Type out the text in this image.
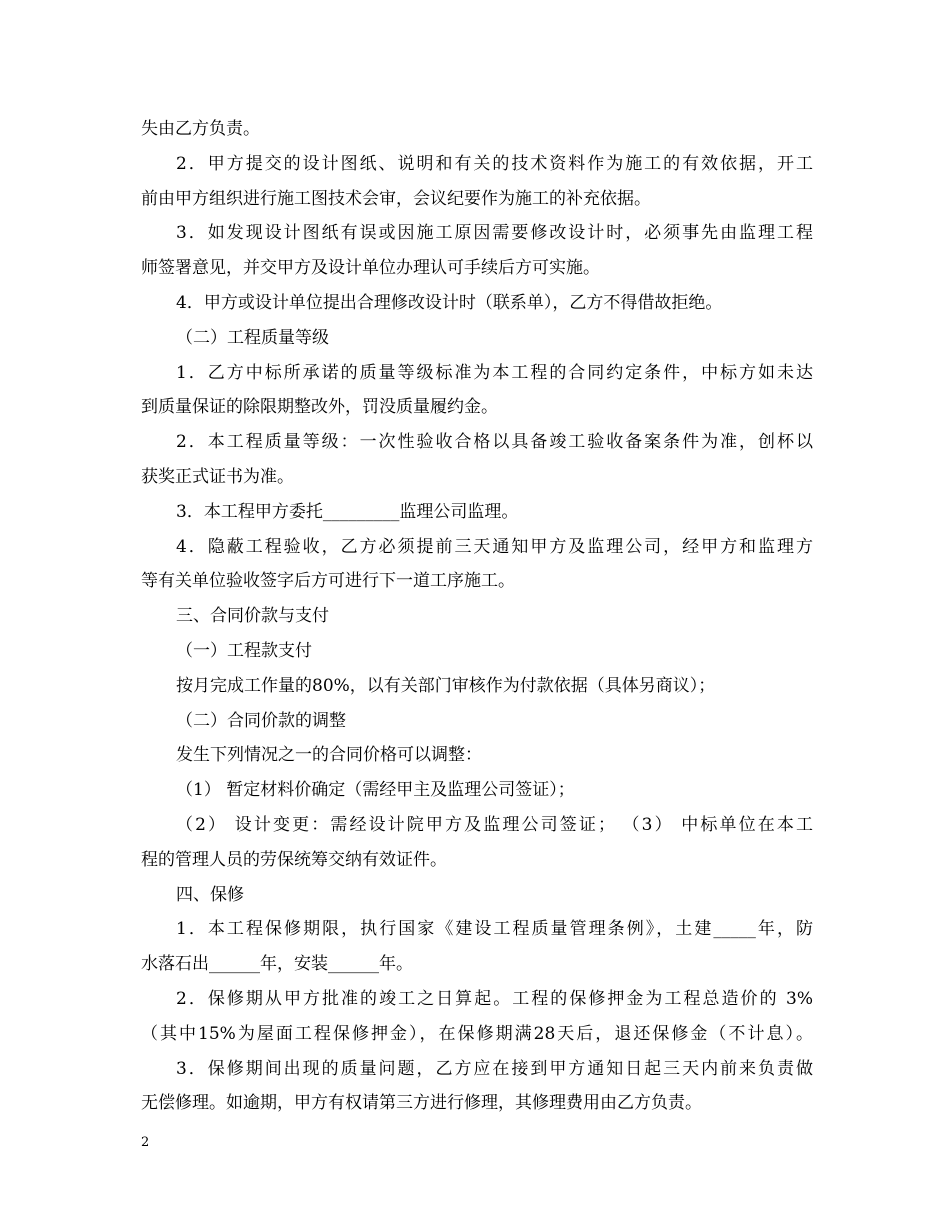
失由乙方负责。
2．甲方提交的设计图纸、说明和有关的技术资料作为施工的有效依据，开工
前由甲方组织进行施工图技术会审，会议纪要作为施工的补充依据。
3．如发现设计图纸有误或因施工原因需要修改设计时，必须事先由监理工程
师签署意见，并交甲方及设计单位办理认可手续后方可实施。
4．甲方或设计单位提出合理修改设计时（联系单），乙方不得借故拒绝。
（二）工程质量等级
1．乙方中标所承诺的质量等级标准为本工程的合同约定条件，中标方如未达
到质量保证的除限期整改外，罚没质量履约金。
2．本工程质量等级：一次性验收合格以具备竣工验收备案条件为准，创杯以
获奖正式证书为准。
3．本工程甲方委托_________监理公司监理。
4．隐蔽工程验收，乙方必须提前三天通知甲方及监理公司，经甲方和监理方
等有关单位验收签字后方可进行下一道工序施工。
三、合同价款与支付
（一）工程款支付
按月完成工作量的80%，以有关部门审核作为付款依据（具体另商议）；
（二）合同价款的调整
发生下列情况之一的合同价格可以调整：
（1） 暂定材料价确定（需经甲主及监理公司签证）；
（2） 设计变更：需经设计院甲方及监理公司签证； （3） 中标单位在本工
程的管理人员的劳保统筹交纳有效证件。
四、保修
1．本工程保修期限，执行国家《建设工程质量管理条例》，土建_____年，防
水落石出______年，安装______年。
2．保修期从甲方批准的竣工之日算起。工程的保修押金为工程总造价的 3%
（其中15%为屋面工程保修押金），在保修期满28天后，退还保修金（不计息）。
3．保修期间出现的质量问题，乙方应在接到甲方通知日起三天内前来负责做
无偿修理。如逾期，甲方有权请第三方进行修理，其修理费用由乙方负责。
2
